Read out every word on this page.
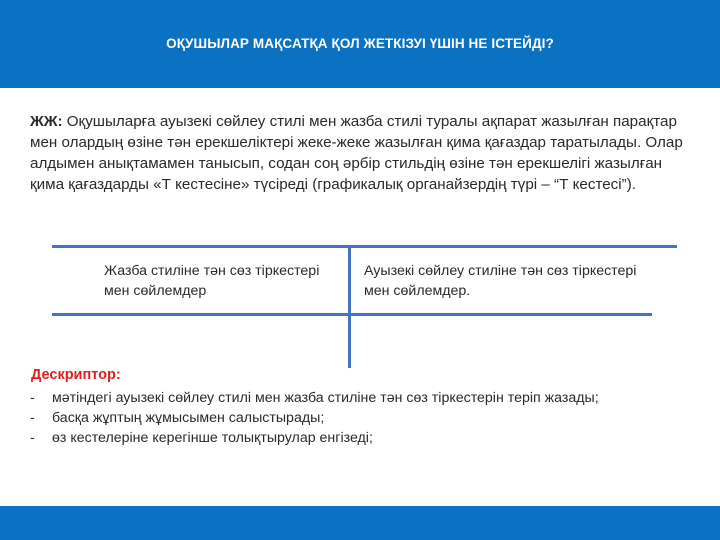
ОҚУШЫЛАР МАҚСАТҚА ҚОЛ ЖЕТКІЗУІ ҮШІН НЕ ІСТЕЙДІ?
ЖЖ: Оқушыларға ауызекі сөйлеу стилі мен жазба стилі туралы ақпарат жазылған парақтар мен олардың өзіне тән ерекшеліктері жеке-жеке жазылған қима қағаздар таратылады. Олар алдымен анықтамамен танысып, содан соң әрбір стильдің өзіне тән ерекшелігі жазылған қима қағаздарды «Т кестесіне» түсіреді (графикалық органайзердің түрі – “Т кестесі”).
Жазба стиліне тән сөз тіркестері мен сөйлемдер
Ауызекі сөйлеу стиліне тән сөз тіркестері мен сөйлемдер.
Дескриптор:
- мәтіндегі ауызекі сөйлеу стилі мен жазба стиліне тән сөз тіркестерін теріп жазады;
- басқа жұптың жұмысымен салыстырады;
- өз кестелеріне керегінше толықтырулар енгізеді;
